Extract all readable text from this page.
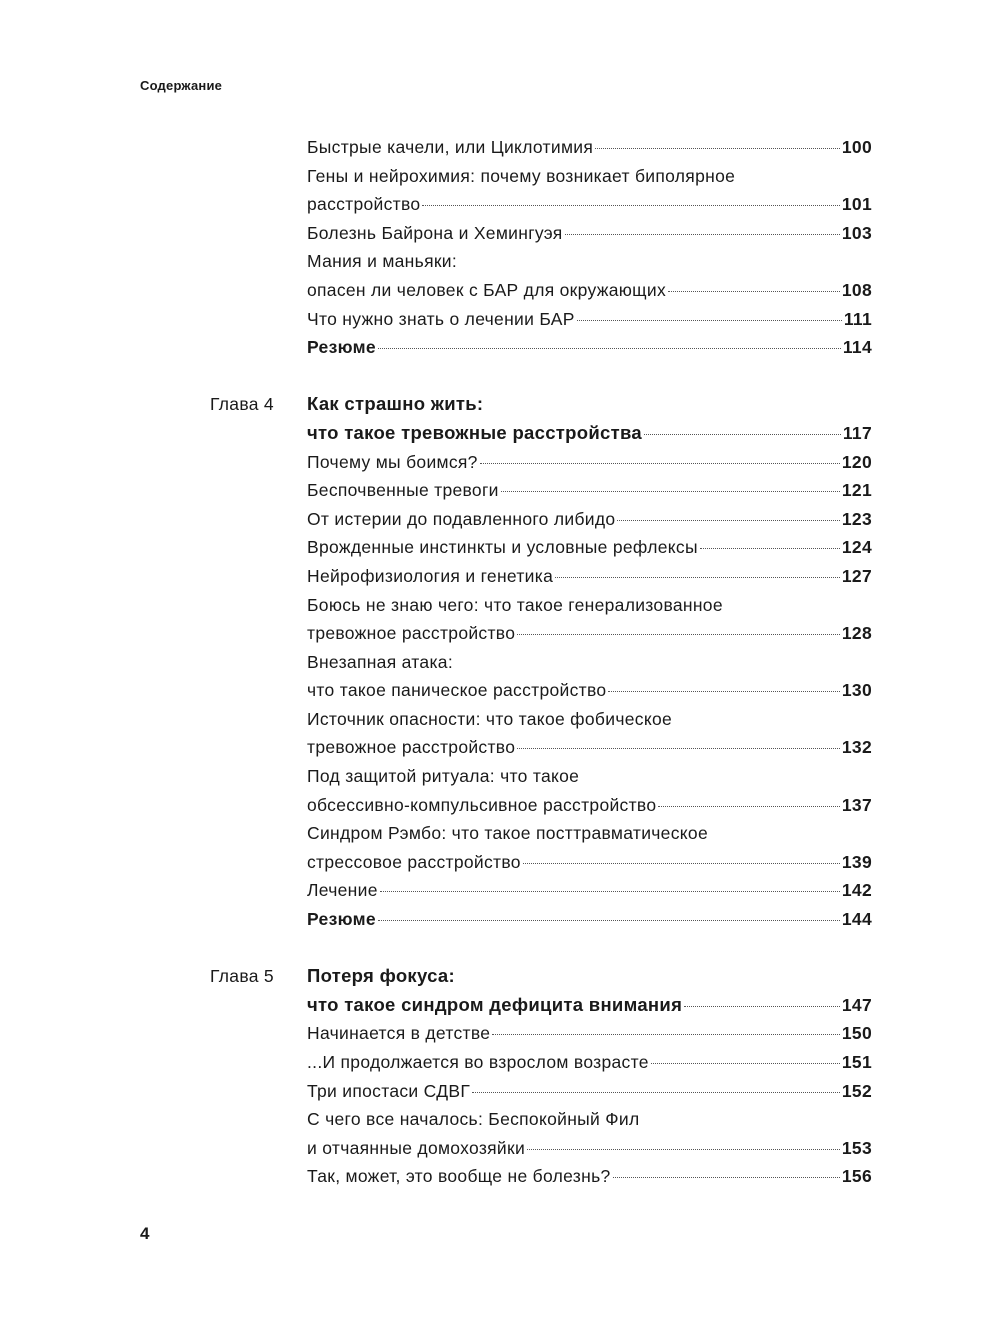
Содержание
Быстрые качели, или Циклотимия	100
Гены и нейрохимия: почему возникает биполярное
расстройство	101
Болезнь Байрона и Хемингуэя	103
Мания и маньяки:
опасен ли человек с БАР для окружающих	108
Что нужно знать о лечении БАР	111
Резюме	114
Глава 4 Как страшно жить:
что такое тревожные расстройства	117
Почему мы боимся?	120
Беспочвенные тревоги	121
От истерии до подавленного либидо	123
Врожденные инстинкты и условные рефлексы	124
Нейрофизиология и генетика	127
Боюсь не знаю чего: что такое генерализованное
тревожное расстройство	128
Внезапная атака:
что такое паническое расстройство	130
Источник опасности: что такое фобическое
тревожное расстройство	132
Под защитой ритуала: что такое
обсессивно-компульсивное расстройство	137
Синдром Рэмбо: что такое посттравматическое
стрессовое расстройство	139
Лечение	142
Резюме	144
Глава 5 Потеря фокуса:
что такое синдром дефицита внимания	147
Начинается в детстве	150
...И продолжается во взрослом возрасте	151
Три ипостаси СДВГ	152
С чего все началось: Беспокойный Фил
и отчаянные домохозяйки	153
Так, может, это вообще не болезнь?	156
4
